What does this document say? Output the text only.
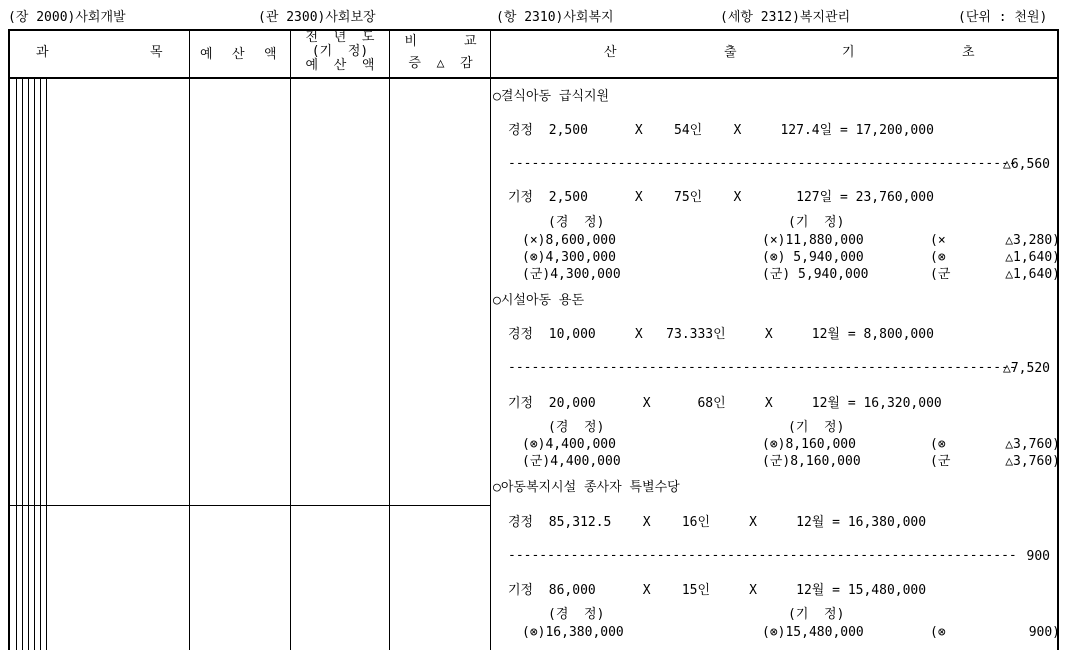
(장 2000)사회개발	(관 2300)사회보장	(항 2310)사회복지	(세항 2312)복지관리	(단위 : 천원)
과	목	예 산 액
전  년  도
(기  정)
예  산  액
비      교
증  △  감
산	출	기	초
○결식아동 급식지원
경정  2,500      X    54인    X     127.4일 = 17,200,000
-----------------------------------------------------------------
△6,560
기정  2,500      X    75인    X       127일 = 23,760,000
(경  정)	(기  정)
(×)8,600,000	(×)11,880,000	(×	△3,280)
(⊗)4,300,000	(⊗) 5,940,000	(⊗	△1,640)
(군)4,300,000	(군) 5,940,000	(군	△1,640)
○시설아동 용돈
경정  10,000     X   73.333인     X     12월 = 8,800,000
-----------------------------------------------------------------
△7,520
기정  20,000      X      68인     X     12월 = 16,320,000
(경  정)	(기  정)
(⊗)4,400,000	(⊗)8,160,000	(⊗	△3,760)
(군)4,400,000	(군)8,160,000	(군	△3,760)
○아동복지시설 종사자 특별수당
경정  85,312.5    X    16인     X     12월 = 16,380,000
----------------------------------------------------------------- 900
기정  86,000      X    15인     X     12월 = 15,480,000
(경  정)	(기  정)
(⊗)16,380,000	(⊗)15,480,000	(⊗	900)
